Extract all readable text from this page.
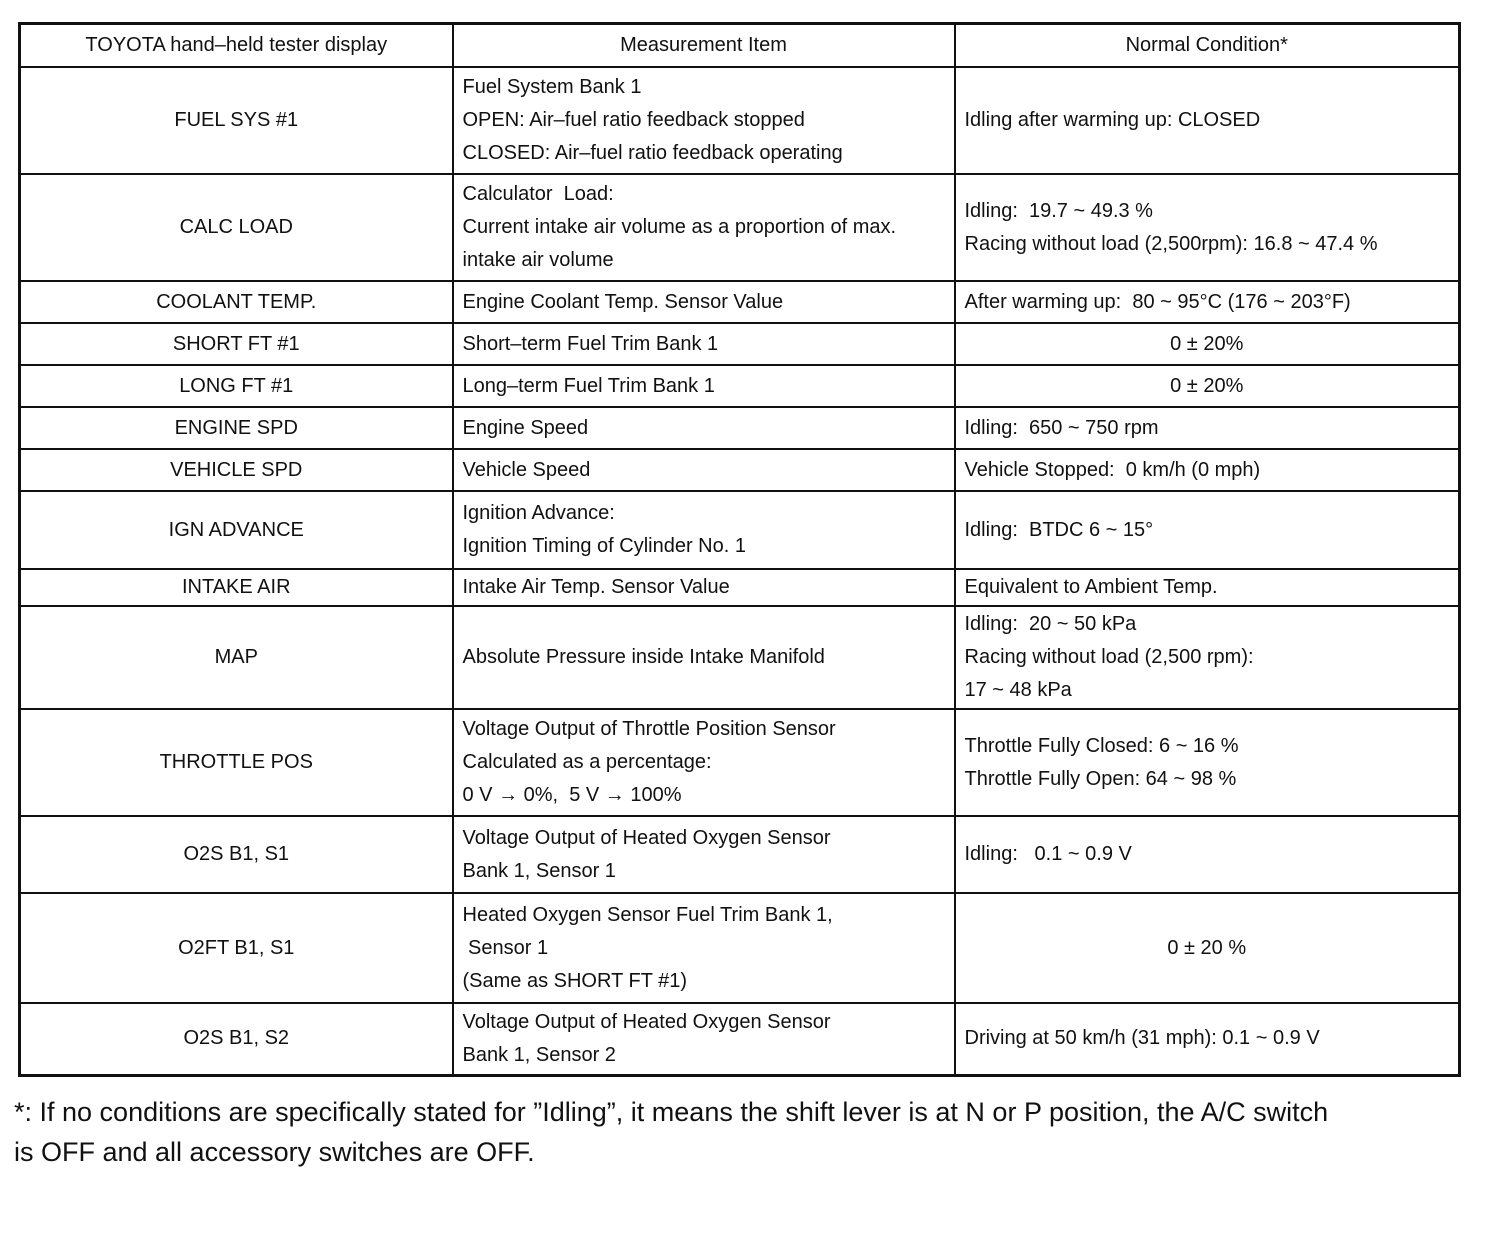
TOYOTA hand–held tester display	Measurement Item	Normal Condition*
FUEL SYS #1	Fuel System Bank 1
OPEN: Air–fuel ratio feedback stopped
CLOSED: Air–fuel ratio feedback operating	Idling after warming up: CLOSED

CALC LOAD	Calculator  Load:
Current intake air volume as a proportion of max.
intake air volume	Idling:  19.7 ~ 49.3 %
Racing without load (2,500rpm): 16.8 ~ 47.4 %

COOLANT TEMP.	Engine Coolant Temp. Sensor Value	After warming up:  80 ~ 95°C (176 ~ 203°F)

SHORT FT #1	Short–term Fuel Trim Bank 1	0 ± 20%

LONG FT #1	Long–term Fuel Trim Bank 1	0 ± 20%

ENGINE SPD	Engine Speed	Idling:  650 ~ 750 rpm

VEHICLE SPD	Vehicle Speed	Vehicle Stopped:  0 km/h (0 mph)

IGN ADVANCE	Ignition Advance:
Ignition Timing of Cylinder No. 1	Idling:  BTDC 6 ~ 15°

INTAKE AIR	Intake Air Temp. Sensor Value	Equivalent to Ambient Temp.

MAP	Absolute Pressure inside Intake Manifold	Idling:  20 ~ 50 kPa
Racing without load (2,500 rpm):
17 ~ 48 kPa

THROTTLE POS	Voltage Output of Throttle Position Sensor
Calculated as a percentage:
0 V → 0%,  5 V → 100%	Throttle Fully Closed: 6 ~ 16 %
Throttle Fully Open: 64 ~ 98 %

O2S B1, S1	Voltage Output of Heated Oxygen Sensor
Bank 1, Sensor 1	Idling:   0.1 ~ 0.9 V

O2FT B1, S1	Heated Oxygen Sensor Fuel Trim Bank 1,
Sensor 1
(Same as SHORT FT #1)	0 ± 20 %

O2S B1, S2	Voltage Output of Heated Oxygen Sensor
Bank 1, Sensor 2	Driving at 50 km/h (31 mph): 0.1 ~ 0.9 V
*: If no conditions are specifically stated for ”Idling”, it means the shift lever is at N or P position, the A/C switch
is OFF and all accessory switches are OFF.
